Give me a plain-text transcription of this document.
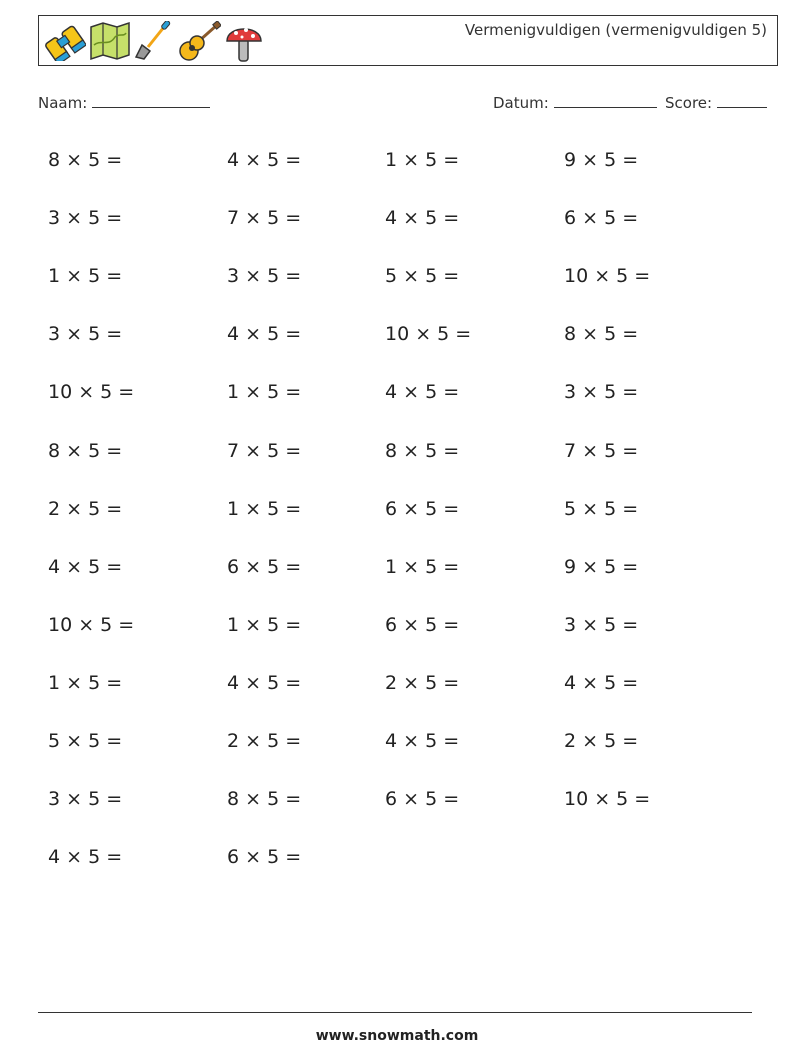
Vermenigvuldigen (vermenigvuldigen 5)
Naam:	Datum:	Score:
8 × 5 =	4 × 5 =	1 × 5 =	9 × 5 =
3 × 5 =	7 × 5 =	4 × 5 =	6 × 5 =
1 × 5 =	3 × 5 =	5 × 5 =	10 × 5 =
3 × 5 =	4 × 5 =	10 × 5 =	8 × 5 =
10 × 5 =	1 × 5 =	4 × 5 =	3 × 5 =
8 × 5 =	7 × 5 =	8 × 5 =	7 × 5 =
2 × 5 =	1 × 5 =	6 × 5 =	5 × 5 =
4 × 5 =	6 × 5 =	1 × 5 =	9 × 5 =
10 × 5 =	1 × 5 =	6 × 5 =	3 × 5 =
1 × 5 =	4 × 5 =	2 × 5 =	4 × 5 =
5 × 5 =	2 × 5 =	4 × 5 =	2 × 5 =
3 × 5 =	8 × 5 =	6 × 5 =	10 × 5 =
4 × 5 =	6 × 5 =
www.snowmath.com
